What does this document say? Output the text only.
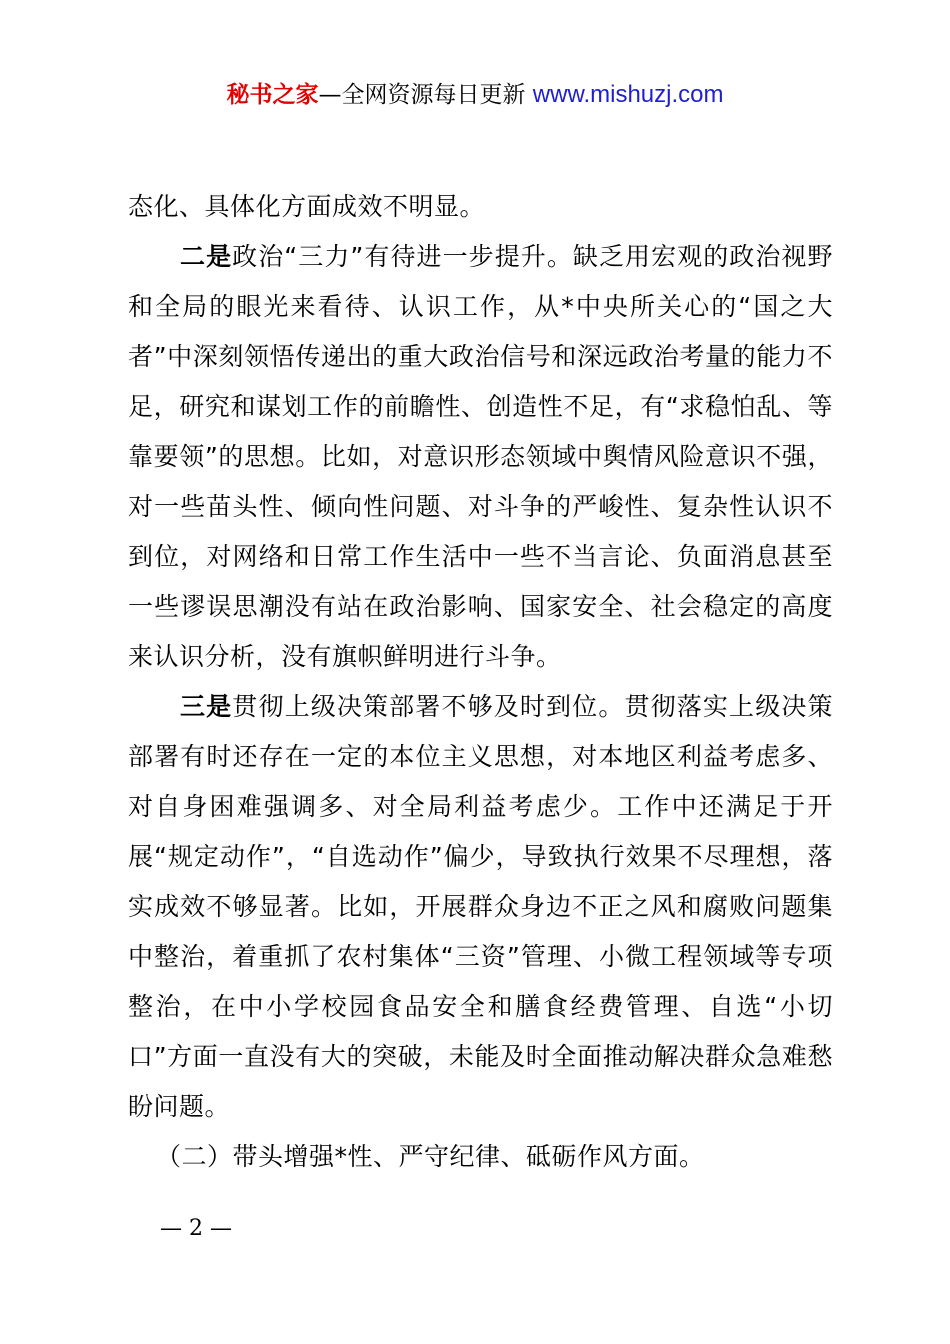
秘书之家—全网资源每日更新 www.mishuzj.com

态化、具体化方面成效不明显。

二是政治“三力”有待进一步提升。缺乏用宏观的政治视野和全局的眼光来看待、认识工作，从*中央所关心的“国之大者”中深刻领悟传递出的重大政治信号和深远政治考量的能力不足，研究和谋划工作的前瞻性、创造性不足，有“求稳怕乱、等靠要领”的思想。比如，对意识形态领域中舆情风险意识不强，对一些苗头性、倾向性问题、对斗争的严峻性、复杂性认识不到位，对网络和日常工作生活中一些不当言论、负面消息甚至一些谬误思潮没有站在政治影响、国家安全、社会稳定的高度来认识分析，没有旗帜鲜明进行斗争。

三是贯彻上级决策部署不够及时到位。贯彻落实上级决策部署有时还存在一定的本位主义思想，对本地区利益考虑多、对自身困难强调多、对全局利益考虑少。工作中还满足于开展“规定动作”，“自选动作”偏少，导致执行效果不尽理想，落实成效不够显著。比如，开展群众身边不正之风和腐败问题集中整治，着重抓了农村集体“三资”管理、小微工程领域等专项整治，在中小学校园食品安全和膳食经费管理、自选“小切口”方面一直没有大的突破，未能及时全面推动解决群众急难愁盼问题。

（二）带头增强*性、严守纪律、砥砺作风方面。

— 2 —
